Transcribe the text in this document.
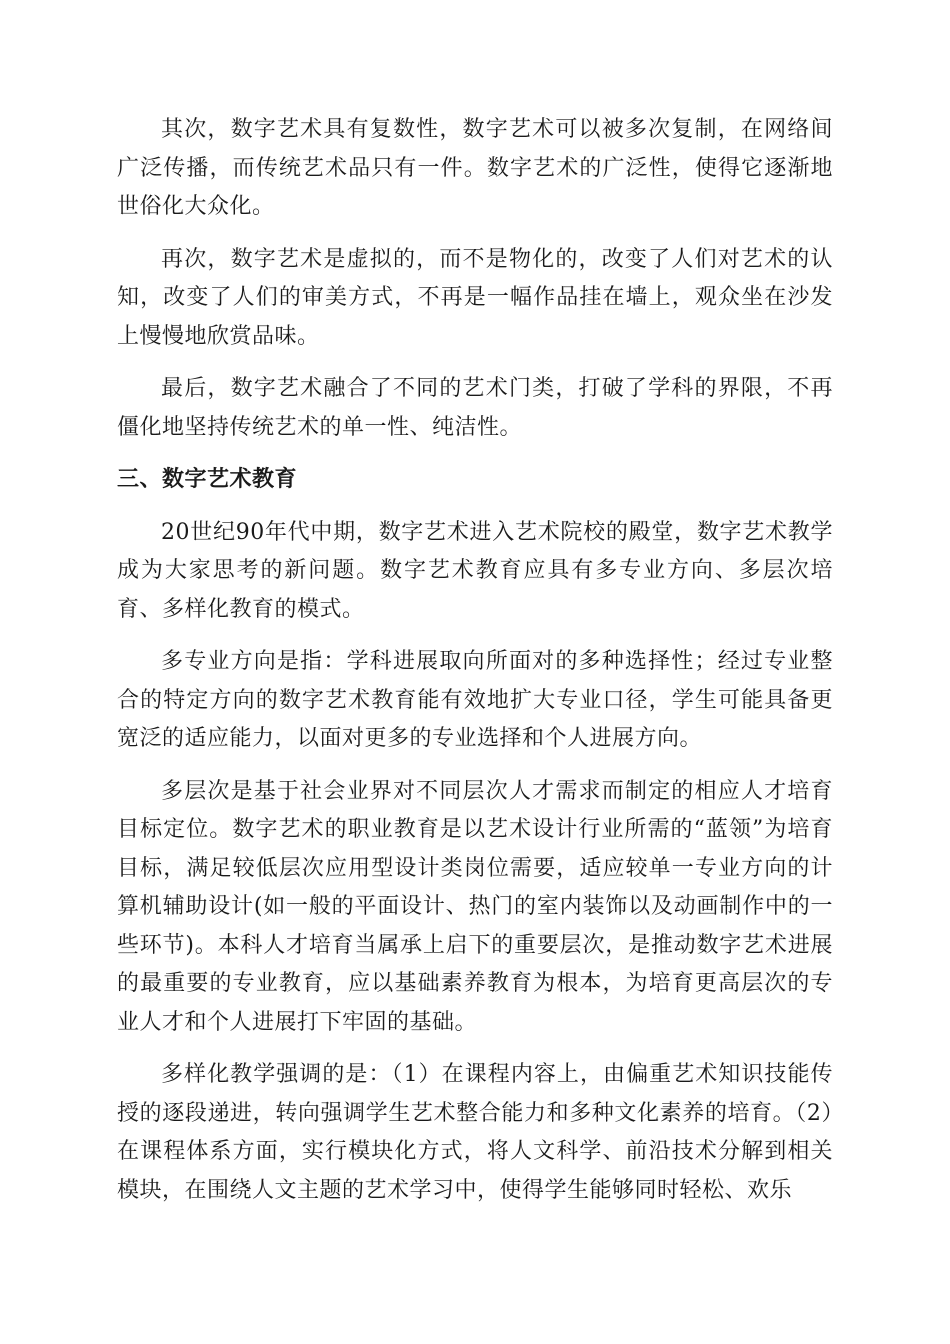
其次，数字艺术具有复数性，数字艺术可以被多次复制，在网络间广泛传播，而传统艺术品只有一件。数字艺术的广泛性，使得它逐渐地世俗化大众化。

再次，数字艺术是虚拟的，而不是物化的，改变了人们对艺术的认知，改变了人们的审美方式，不再是一幅作品挂在墙上，观众坐在沙发上慢慢地欣赏品味。

最后，数字艺术融合了不同的艺术门类，打破了学科的界限，不再僵化地坚持传统艺术的单一性、纯洁性。

三、数字艺术教育

20世纪90年代中期，数字艺术进入艺术院校的殿堂，数字艺术教学成为大家思考的新问题。数字艺术教育应具有多专业方向、多层次培育、多样化教育的模式。

多专业方向是指：学科进展取向所面对的多种选择性；经过专业整合的特定方向的数字艺术教育能有效地扩大专业口径，学生可能具备更宽泛的适应能力，以面对更多的专业选择和个人进展方向。

多层次是基于社会业界对不同层次人才需求而制定的相应人才培育目标定位。数字艺术的职业教育是以艺术设计行业所需的“蓝领”为培育目标，满足较低层次应用型设计类岗位需要，适应较单一专业方向的计算机辅助设计(如一般的平面设计、热门的室内装饰以及动画制作中的一些环节)。本科人才培育当属承上启下的重要层次，是推动数字艺术进展的最重要的专业教育，应以基础素养教育为根本，为培育更高层次的专业人才和个人进展打下牢固的基础。

多样化教学强调的是：（1）在课程内容上，由偏重艺术知识技能传授的逐段递进，转向强调学生艺术整合能力和多种文化素养的培育。（2）在课程体系方面，实行模块化方式，将人文科学、前沿技术分解到相关模块，在围绕人文主题的艺术学习中，使得学生能够同时轻松、欢乐
